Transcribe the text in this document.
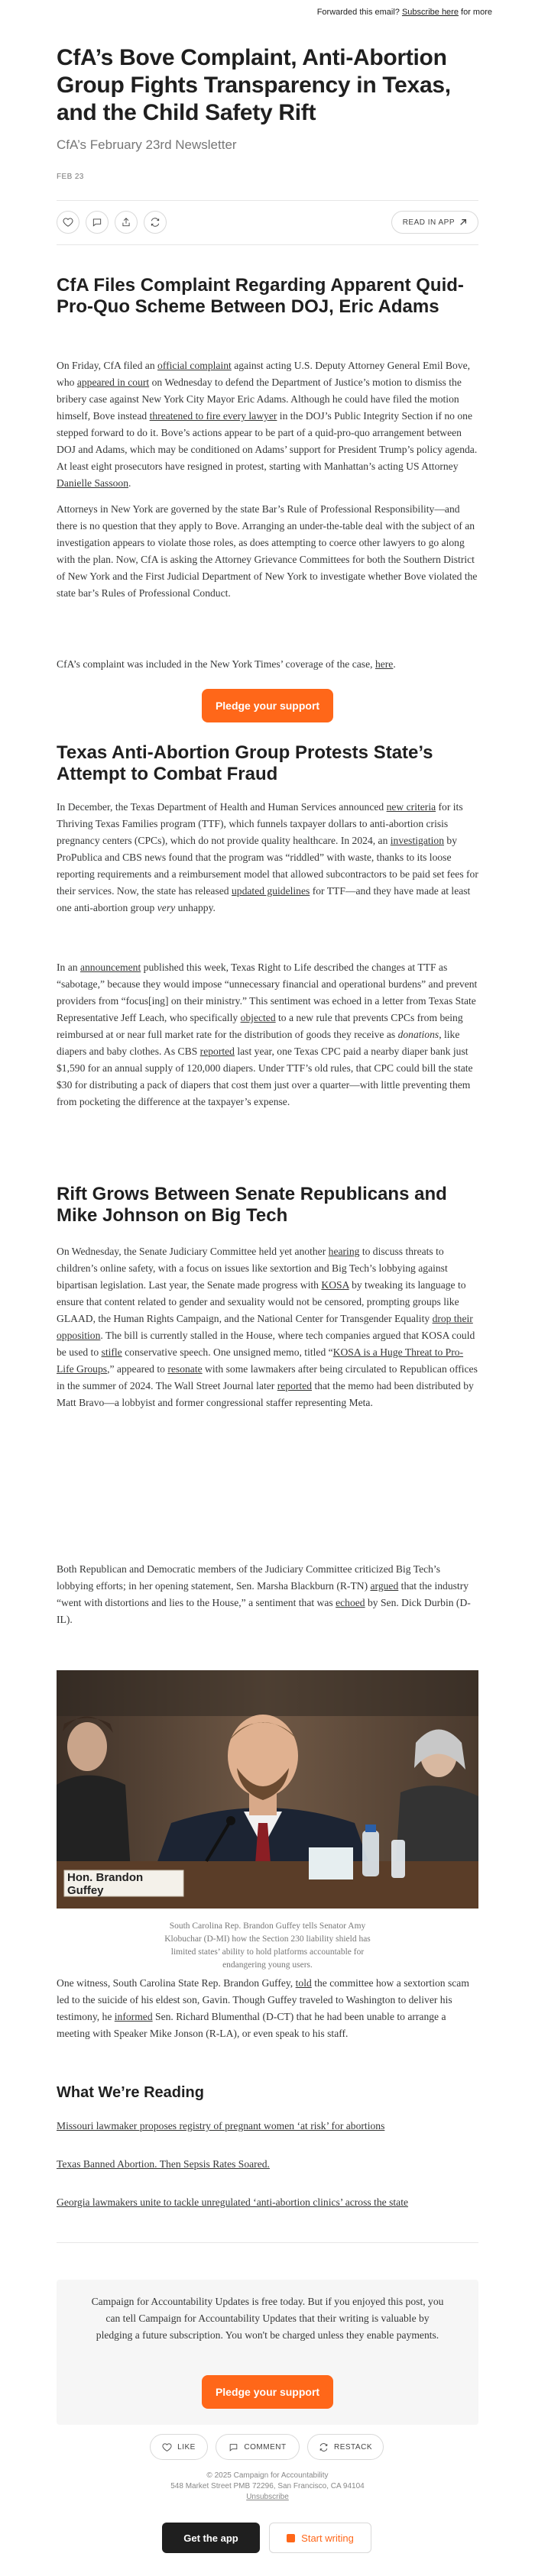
Forwarded this email? Subscribe here for more
CfA’s Bove Complaint, Anti-Abortion Group Fights Transparency in Texas, and the Child Safety Rift
CfA’s February 23rd Newsletter
FEB 23
READ IN APP
CfA Files Complaint Regarding Apparent Quid-Pro-Quo Scheme Between DOJ, Eric Adams

On Friday, CfA filed an official complaint against acting U.S. Deputy Attorney General Emil Bove, who appeared in court on Wednesday to defend the Department of Justice’s motion to dismiss the bribery case against New York City Mayor Eric Adams. Although he could have filed the motion himself, Bove instead threatened to fire every lawyer in the DOJ’s Public Integrity Section if no one stepped forward to do it. Bove’s actions appear to be part of a quid-pro-quo arrangement between DOJ and Adams, which may be conditioned on Adams’ support for President Trump’s policy agenda. At least eight prosecutors have resigned in protest, starting with Manhattan’s acting US Attorney Danielle Sassoon.

Attorneys in New York are governed by the state Bar’s Rule of Professional Responsibility—and there is no question that they apply to Bove. Arranging an under-the-table deal with the subject of an investigation appears to violate those roles, as does attempting to coerce other lawyers to go along with the plan. Now, CfA is asking the Attorney Grievance Committees for both the Southern District of New York and the First Judicial Department of New York to investigate whether Bove violated the state bar’s Rules of Professional Conduct.

CfA’s complaint was included in the New York Times’ coverage of the case, here.

Pledge your support
Texas Anti-Abortion Group Protests State’s Attempt to Combat Fraud

In December, the Texas Department of Health and Human Services announced new criteria for its Thriving Texas Families program (TTF), which funnels taxpayer dollars to anti-abortion crisis pregnancy centers (CPCs), which do not provide quality healthcare. In 2024, an investigation by ProPublica and CBS news found that the program was “riddled” with waste, thanks to its loose reporting requirements and a reimbursement model that allowed subcontractors to be paid set fees for their services. Now, the state has released updated guidelines for TTF—and they have made at least one anti-abortion group very unhappy.

In an announcement published this week, Texas Right to Life described the changes at TTF as “sabotage,” because they would impose “unnecessary financial and operational burdens” and prevent providers from “focus[ing] on their ministry.” This sentiment was echoed in a letter from Texas State Representative Jeff Leach, who specifically objected to a new rule that prevents CPCs from being reimbursed at or near full market rate for the distribution of goods they receive as donations, like diapers and baby clothes. As CBS reported last year, one Texas CPC paid a nearby diaper bank just $1,590 for an annual supply of 120,000 diapers. Under TTF’s old rules, that CPC could bill the state $30 for distributing a pack of diapers that cost them just over a quarter—with little preventing them from pocketing the difference at the taxpayer’s expense.

Rift Grows Between Senate Republicans and Mike Johnson on Big Tech

On Wednesday, the Senate Judiciary Committee held yet another hearing to discuss threats to children’s online safety, with a focus on issues like sextortion and Big Tech’s lobbying against bipartisan legislation. Last year, the Senate made progress with KOSA by tweaking its language to ensure that content related to gender and sexuality would not be censored, prompting groups like GLAAD, the Human Rights Campaign, and the National Center for Transgender Equality drop their opposition. The bill is currently stalled in the House, where tech companies argued that KOSA could be used to stifle conservative speech. One unsigned memo, titled “KOSA is a Huge Threat to Pro-Life Groups,” appeared to resonate with some lawmakers after being circulated to Republican offices in the summer of 2024. The Wall Street Journal later reported that the memo had been distributed by Matt Bravo—a lobbyist and former congressional staffer representing Meta.

Both Republican and Democratic members of the Judiciary Committee criticized Big Tech’s lobbying efforts; in her opening statement, Sen. Marsha Blackburn (R-TN) argued that the industry “went with distortions and lies to the House,” a sentiment that was echoed by Sen. Dick Durbin (D-IL).

Hon. Brandon Guffey
South Carolina Rep. Brandon Guffey tells Senator Amy Klobuchar (D-MI) how the Section 230 liability shield has limited states’ ability to hold platforms accountable for endangering young users.

One witness, South Carolina State Rep. Brandon Guffey, told the committee how a sextortion scam led to the suicide of his eldest son, Gavin. Though Guffey traveled to Washington to deliver his testimony, he informed Sen. Richard Blumenthal (D-CT) that he had been unable to arrange a meeting with Speaker Mike Jonson (R-LA), or even speak to his staff.

What We’re Reading
Missouri lawmaker proposes registry of pregnant women ‘at risk’ for abortions
Texas Banned Abortion. Then Sepsis Rates Soared.
Georgia lawmakers unite to tackle unregulated ‘anti-abortion clinics’ across the state

Campaign for Accountability Updates is free today. But if you enjoyed this post, you can tell Campaign for Accountability Updates that their writing is valuable by pledging a future subscription. You won't be charged unless they enable payments.

Pledge your support
LIKE	COMMENT	RESTACK
© 2025 Campaign for Accountability
548 Market Street PMB 72296, San Francisco, CA 94104
Unsubscribe
Get the app	Start writing
